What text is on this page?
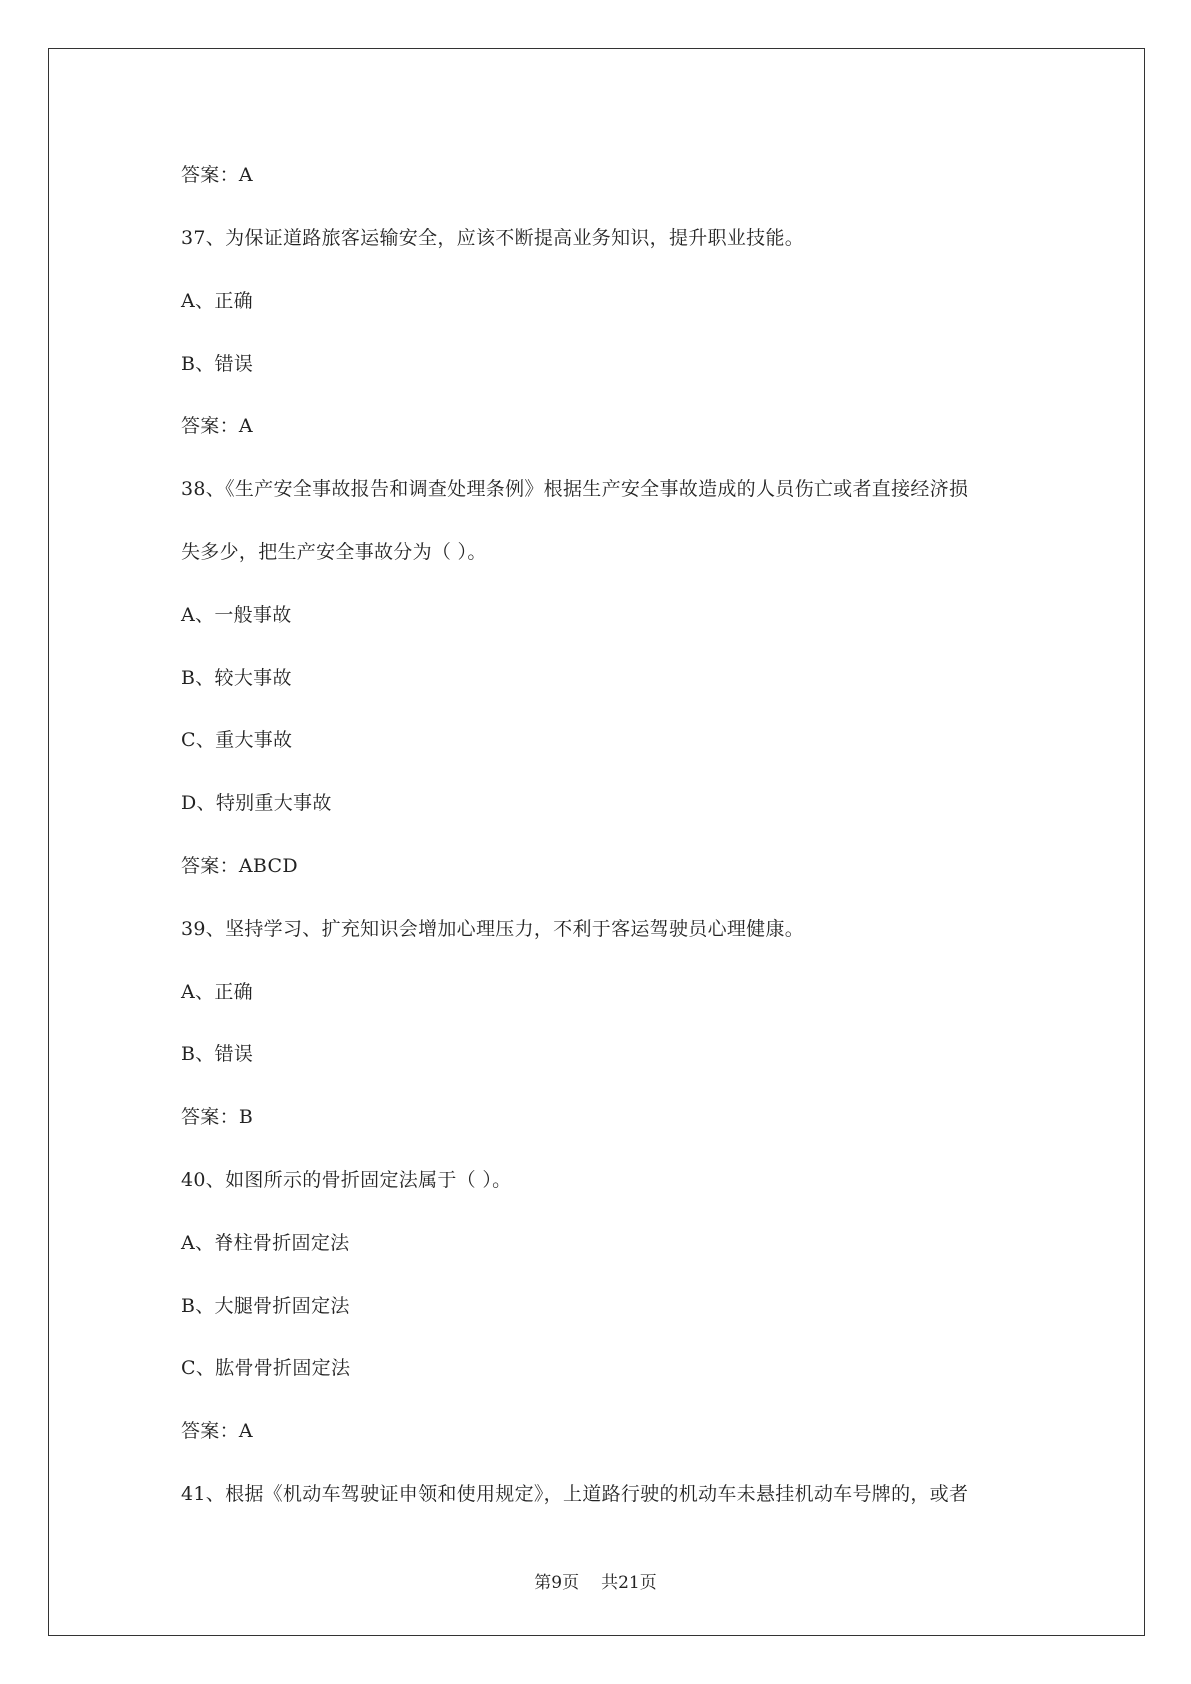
答案：A
37、为保证道路旅客运输安全，应该不断提高业务知识，提升职业技能。
A、正确
B、错误
答案：A
38、《生产安全事故报告和调查处理条例》根据生产安全事故造成的人员伤亡或者直接经济损
失多少，把生产安全事故分为（ ）。
A、一般事故
B、较大事故
C、重大事故
D、特别重大事故
答案：ABCD
39、坚持学习、扩充知识会增加心理压力，不利于客运驾驶员心理健康。
A、正确
B、错误
答案：B
40、如图所示的骨折固定法属于（ ）。
A、脊柱骨折固定法
B、大腿骨折固定法
C、肱骨骨折固定法
答案：A
41、根据《机动车驾驶证申领和使用规定》，上道路行驶的机动车未悬挂机动车号牌的，或者
第9页 共21页
